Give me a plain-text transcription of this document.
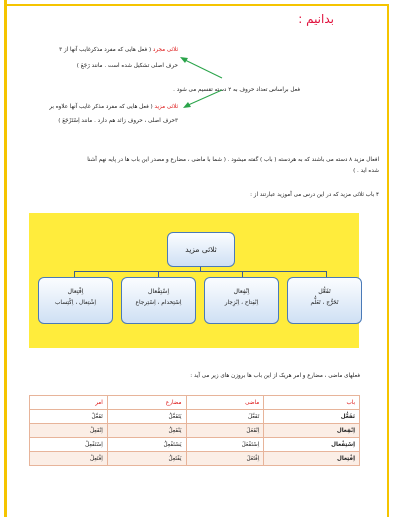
بدانیم :
ثلاثی مجرد ( فعل هایی که مفرد مذکرغایب آنها از ۳
حرف اصلی تشکیل شده است . مانند رَجَعَ )
فعل براساس تعداد حروف به ۲ دسته تقسیم می شود .
ثلاثی مزید ( فعل هایی که مفرد مذکر غایب آنها علاوه بر
۳حرف اصلی ، حروف زائد هم دارد . مانند اِسْتَرْجَعَ )
افعال مزید ۸ دسته می باشند که به هردسته ( باب ) گفته میشود . ( شما با ماضی ، مضارع و مصدر این باب ها در پایه نهم آشنا
شده اید . )
۴ باب ثلاثی مزید که در این درس می آموزید عبارتند از :
ثلاثی مزید
اِفْتِعال
اِشْتِغال ، اِکْتِساب
اِسْتِفْعال
اِسْتِخدام ، اِسْتِرجاع
اِنْفِعال
اِنْفِتاح ، اِنْزِجار
تَفَعُّل
تَخَرُّج ، تَعَلُّم
فعلهای ماضی ، مضارع و امر هریک از این باب ها بروزن های زیر می آید :
باب	ماضی	مضارع	امر
تَفَعُّل	تَفَعَّلَ	یَتَفَعَّلُ	تَفَعَّلْ
اِنْفِعال	اِنْفَعَلَ	یَنْفَعِلُ	اِنْفَعِلْ
اِسْتِفْعال	اِسْتَفْعَلَ	یَسْتَفْعِلُ	اِسْتَفْعِلْ
اِفْتِعال	اِفْتَعَلَ	یَفْتَعِلُ	اِفْتَعِلْ
